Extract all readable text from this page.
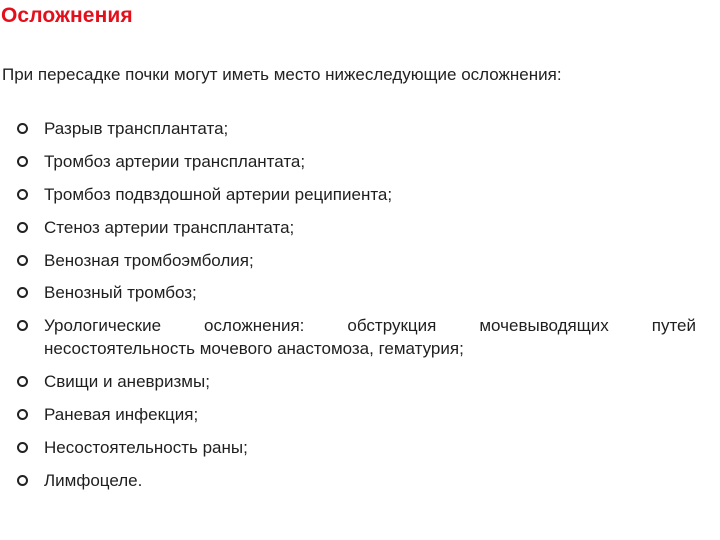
Осложнения
При пересадке почки могут иметь место нижеследующие осложнения:
Разрыв трансплантата;
Тромбоз артерии трансплантата;
Тромбоз подвздошной артерии реципиента;
Стеноз артерии трансплантата;
Венозная тромбоэмболия;
Венозный тромбоз;
Урологические осложнения: обструкция мочевыводящих путей
несостоятельность мочевого анастомоза, гематурия;
Свищи и аневризмы;
Раневая инфекция;
Несостоятельность раны;
Лимфоцеле.
